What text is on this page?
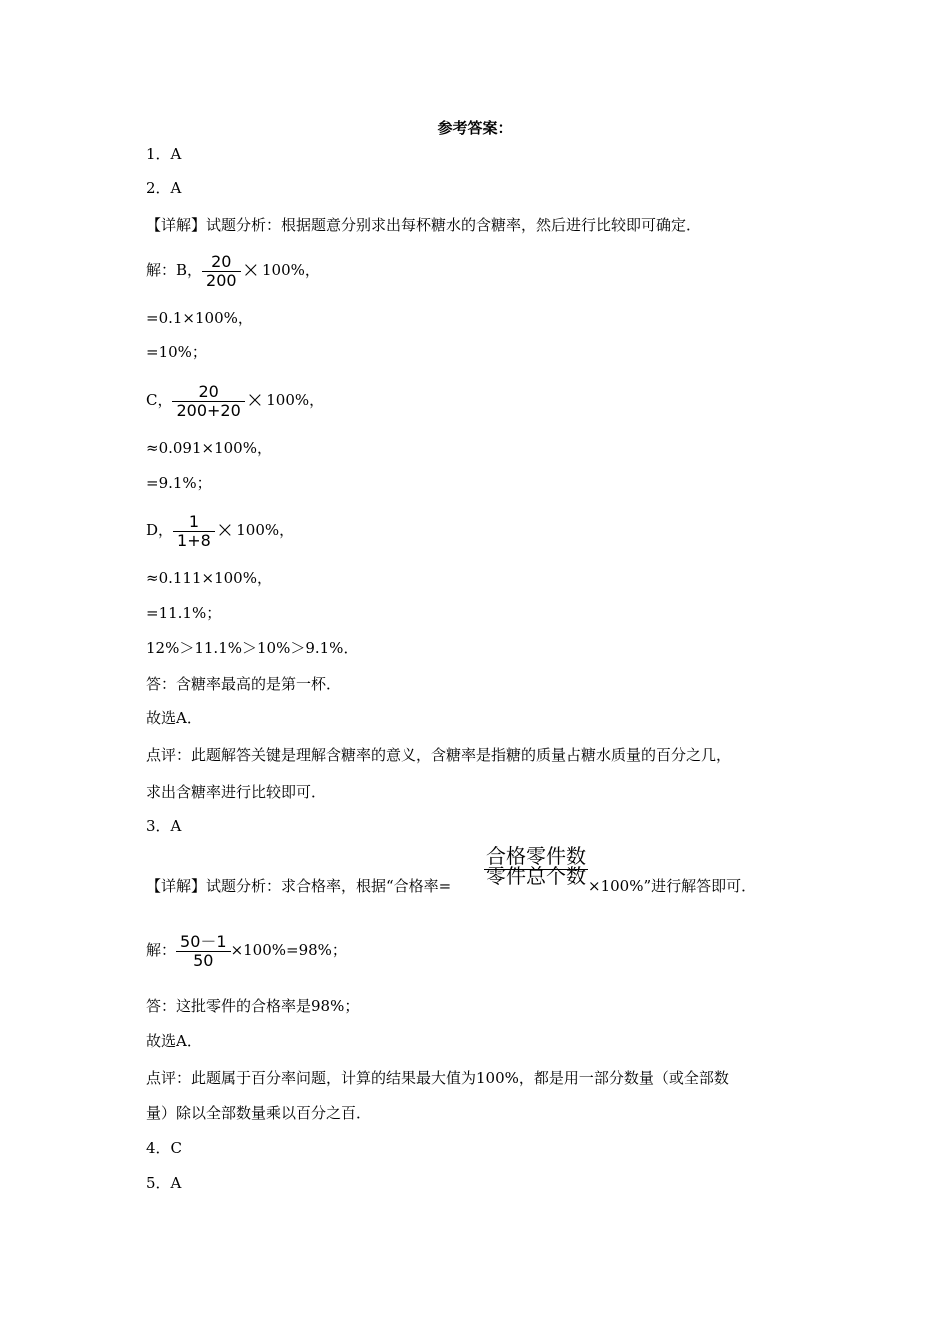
参考答案：
1．A
2．A
【详解】试题分析：根据题意分别求出每杯糖水的含糖率，然后进行比较即可确定．
解：B， $\frac{20}{200} \times 100\%$，
=0.1×100%，
=10%；
C， $\frac{20}{200+20} \times 100\%$，
≈0.091×100%，
=9.1%；
D， $\frac{1}{1+8} \times 100\%$，
≈0.111×100%，
=11.1%；
12%＞11.1%＞10%＞9.1%．
答：含糖率最高的是第一杯．
故选A．
点评：此题解答关键是理解含糖率的意义，含糖率是指糖的质量占糖水质量的百分之几，
求出含糖率进行比较即可．
3．A
合格零件数
零件总个数
【详解】试题分析：求合格率，根据“合格率=	×100%”进行解答即可．
解： $\frac{50-1}{50} \times 100\%=98\%$；
答：这批零件的合格率是98%；
故选A．
点评：此题属于百分率问题，计算的结果最大值为100%，都是用一部分数量（或全部数
量）除以全部数量乘以百分之百．
4．C
5．A
